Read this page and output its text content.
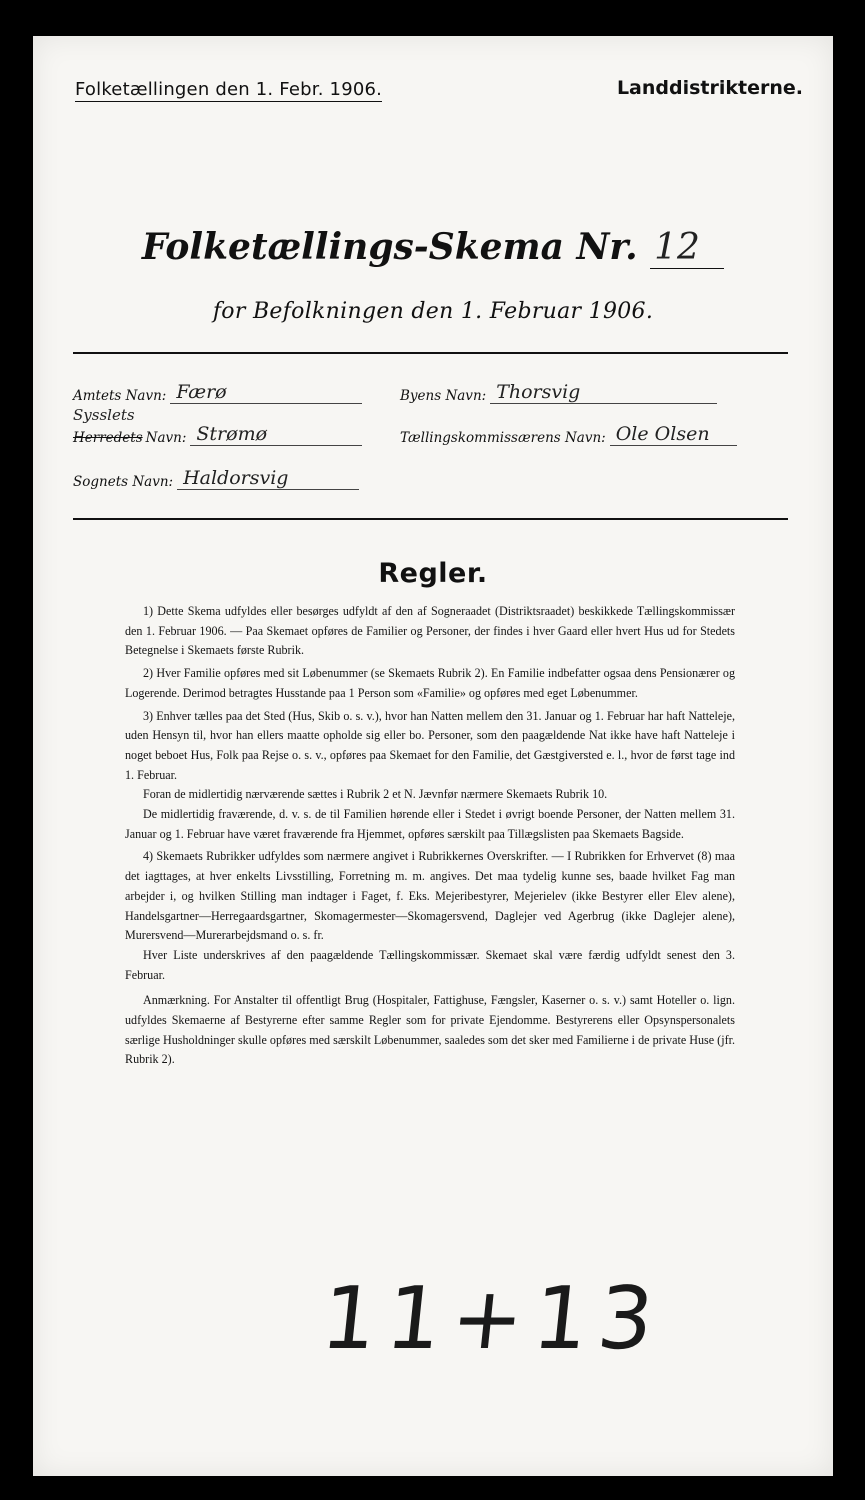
Folketællingen den 1. Febr. 1906.	Landdistrikterne.
Folketællings-Skema Nr. 12
for Befolkningen den 1. Februar 1906.
Amtets Navn: Færø	Byens Navn: Thorsvig
Sysslets
Herredets Navn: Strømø	Tællingskommissærens Navn: Ole Olsen
Sognets Navn: Haldorsvig
Regler.

1) Dette Skema udfyldes eller besørges udfyldt af den af Sogneraadet (Distriktsraadet) beskikkede Tællingskommissær den 1. Februar 1906. — Paa Skemaet opføres de Familier og Personer, der findes i hver Gaard eller hvert Hus ud for Stedets Betegnelse i Skemaets første Rubrik.

2) Hver Familie opføres med sit Løbenummer (se Skemaets Rubrik 2). En Familie indbefatter ogsaa dens Pensionærer og Logerende. Derimod betragtes Husstande paa 1 Person som «Familie» og opføres med eget Løbenummer.

3) Enhver tælles paa det Sted (Hus, Skib o. s. v.), hvor han Natten mellem den 31. Januar og 1. Februar har haft Natteleje, uden Hensyn til, hvor han ellers maatte opholde sig eller bo. Personer, som den paagældende Nat ikke have haft Natteleje i noget beboet Hus, Folk paa Rejse o. s. v., opføres paa Skemaet for den Familie, det Gæstgiversted e. l., hvor de først tage ind 1. Februar.

Foran de midlertidig nærværende sættes i Rubrik 2 et N. Jævnfør nærmere Skemaets Rubrik 10.

De midlertidig fraværende, d. v. s. de til Familien hørende eller i Stedet i øvrigt boende Personer, der Natten mellem 31. Januar og 1. Februar have været fraværende fra Hjemmet, opføres særskilt paa Tillægslisten paa Skemaets Bagside.

4) Skemaets Rubrikker udfyldes som nærmere angivet i Rubrikkernes Overskrifter. — I Rubrikken for Erhvervet (8) maa det iagttages, at hver enkelts Livsstilling, Forretning m. m. angives. Det maa tydelig kunne ses, baade hvilket Fag man arbejder i, og hvilken Stilling man indtager i Faget, f. Eks. Mejeribestyrer, Mejerielev (ikke Bestyrer eller Elev alene), Handelsgartner—Herregaardsgartner, Skomagermester—Skomagersvend, Daglejer ved Agerbrug (ikke Daglejer alene), Murersvend—Murerarbejdsmand o. s. fr.

Hver Liste underskrives af den paagældende Tællingskommissær. Skemaet skal være færdig udfyldt senest den 3. Februar.

Anmærkning. For Anstalter til offentligt Brug (Hospitaler, Fattighuse, Fængsler, Kaserner o. s. v.) samt Hoteller o. lign. udfyldes Skemaerne af Bestyrerne efter samme Regler som for private Ejendomme. Bestyrerens eller Opsynspersonalets særlige Husholdninger skulle opføres med særskilt Løbenummer, saaledes som det sker med Familierne i de private Huse (jfr. Rubrik 2).

11+13
